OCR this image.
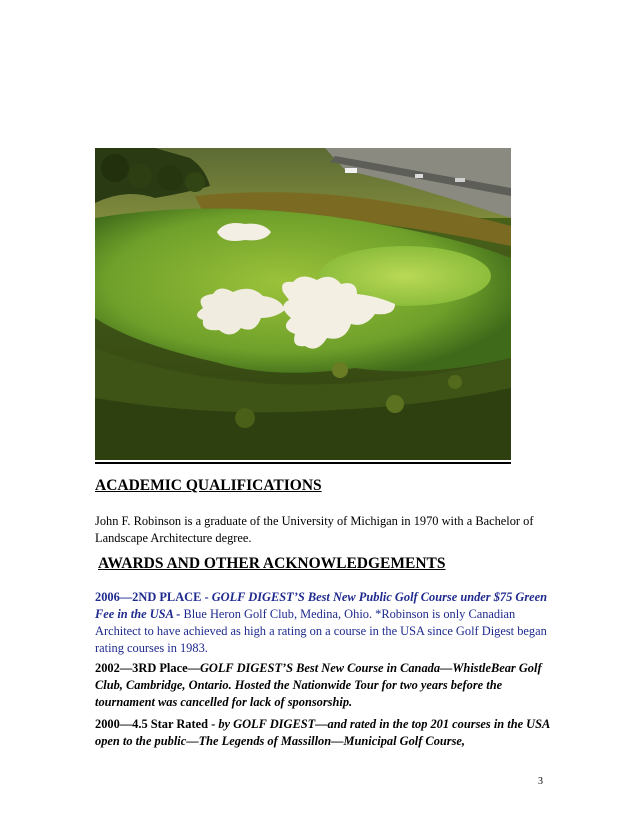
ACADEMIC QUALIFICATIONS

John F. Robinson is a graduate of the University of Michigan in 1970 with a Bachelor of Landscape Architecture degree.

AWARDS AND OTHER ACKNOWLEDGEMENTS

2006—2ND PLACE - GOLF DIGEST’S Best New Public Golf Course under $75 Green Fee in the USA - Blue Heron Golf Club, Medina, Ohio. *Robinson is only Canadian Architect to have achieved as high a rating on a course in the USA since Golf Digest began rating courses in 1983.

2002—3RD Place—GOLF DIGEST’S Best New Course in Canada—WhistleBear Golf Club, Cambridge, Ontario. Hosted the Nationwide Tour for two years before the tournament was cancelled for lack of sponsorship.

2000—4.5 Star Rated - by GOLF DIGEST—and rated in the top 201 courses in the USA open to the public—The Legends of Massillon—Municipal Golf Course,

3
